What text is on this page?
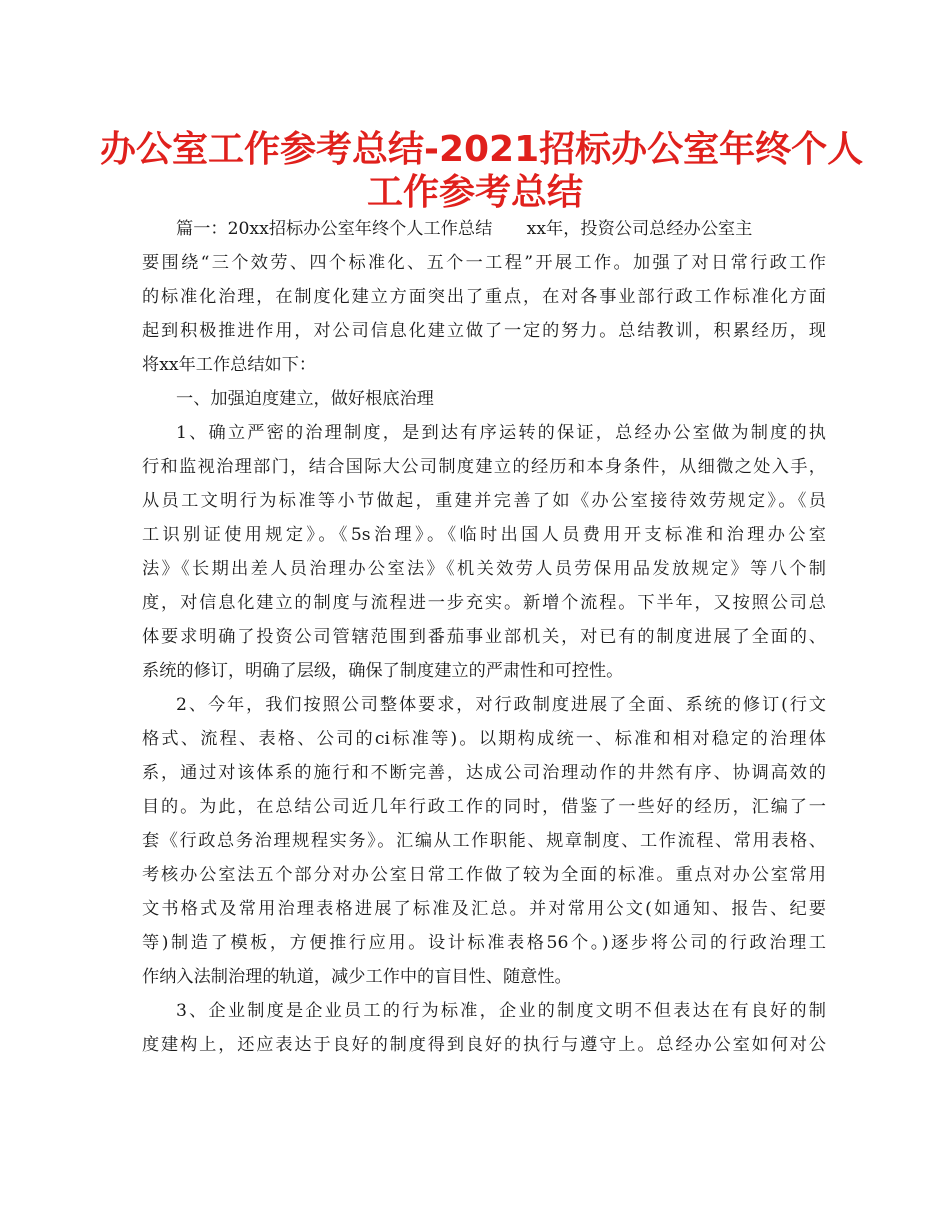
办公室工作参考总结-2021招标办公室年终个人
工作参考总结
篇一：20xx招标办公室年终个人工作总结　　xx年，投资公司总经办公室主
要围绕“三个效劳、四个标准化、五个一工程”开展工作。加强了对日常行政工作
的标准化治理，在制度化建立方面突出了重点，在对各事业部行政工作标准化方面
起到积极推进作用，对公司信息化建立做了一定的努力。总结教训，积累经历，现
将xx年工作总结如下：
一、加强迫度建立，做好根底治理
1、确立严密的治理制度，是到达有序运转的保证，总经办公室做为制度的执
行和监视治理部门，结合国际大公司制度建立的经历和本身条件，从细微之处入手，
从员工文明行为标准等小节做起，重建并完善了如《办公室接待效劳规定》。《员
工识别证使用规定》。《5s治理》。《临时出国人员费用开支标准和治理办公室
法》《长期出差人员治理办公室法》《机关效劳人员劳保用品发放规定》等八个制
度，对信息化建立的制度与流程进一步充实。新增个流程。下半年，又按照公司总
体要求明确了投资公司管辖范围到番茄事业部机关，对已有的制度进展了全面的、
系统的修订，明确了层级，确保了制度建立的严肃性和可控性。
2、今年，我们按照公司整体要求，对行政制度进展了全面、系统的修订(行文
格式、流程、表格、公司的ci标准等)。以期构成统一、标准和相对稳定的治理体
系，通过对该体系的施行和不断完善，达成公司治理动作的井然有序、协调高效的
目的。为此，在总结公司近几年行政工作的同时，借鉴了一些好的经历，汇编了一
套《行政总务治理规程实务》。汇编从工作职能、规章制度、工作流程、常用表格、
考核办公室法五个部分对办公室日常工作做了较为全面的标准。重点对办公室常用
文书格式及常用治理表格进展了标准及汇总。并对常用公文(如通知、报告、纪要
等)制造了模板，方便推行应用。设计标准表格56个。)逐步将公司的行政治理工
作纳入法制治理的轨道，减少工作中的盲目性、随意性。
3、企业制度是企业员工的行为标准，企业的制度文明不但表达在有良好的制
度建构上，还应表达于良好的制度得到良好的执行与遵守上。总经办公室如何对公
